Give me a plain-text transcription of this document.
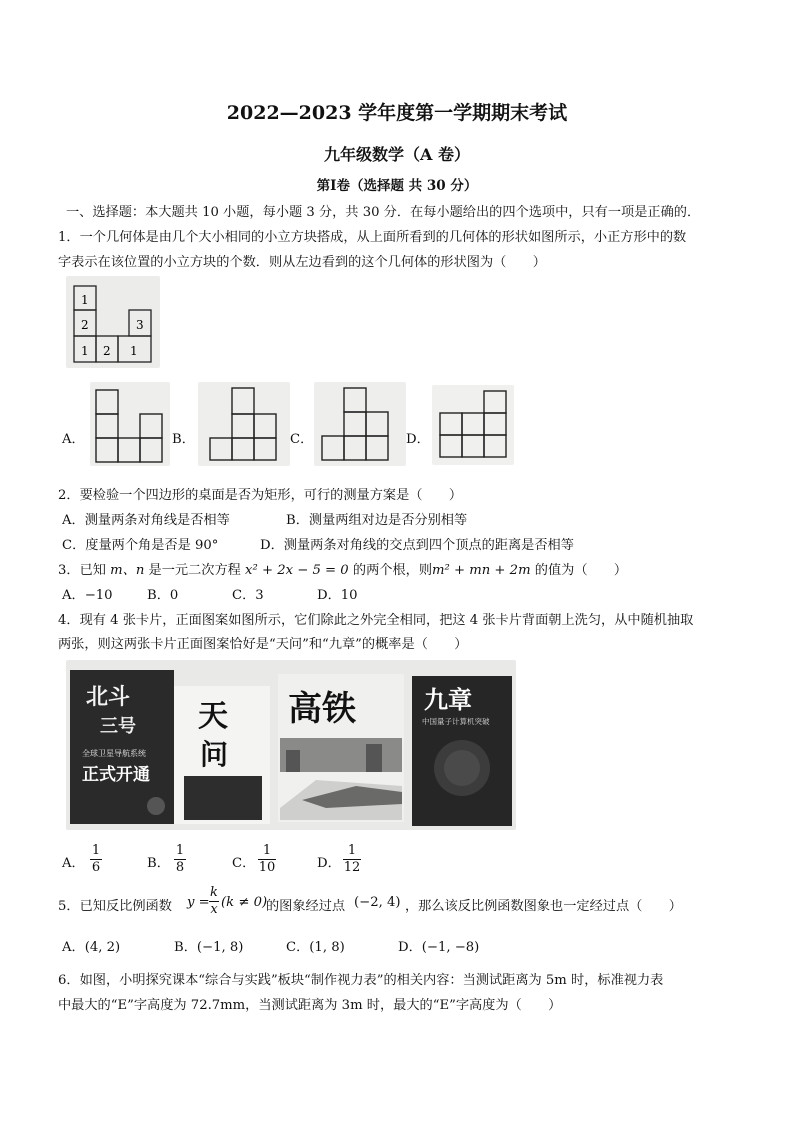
2022—2023 学年度第一学期期末考试
九年级数学（A 卷）
第Ⅰ卷（选择题 共 30 分）
一、选择题：本大题共 10 小题，每小题 3 分，共 30 分．在每小题给出的四个选项中，只有一项是正确的．
1．一个几何体是由几个大小相同的小立方块搭成，从上面所看到的几何体的形状如图所示，小正方形中的数
字表示在该位置的小立方块的个数．则从左边看到的这个几何体的形状图为（　　）
1
2	3
1 2 1
A．	B．	C．	D．
2．要检验一个四边形的桌面是否为矩形，可行的测量方案是（　　）
A．测量两条对角线是否相等	B．测量两组对边是否分别相等
C．度量两个角是否是 90°	D．测量两条对角线的交点到四个顶点的距离是否相等
3．已知 m、n 是一元二次方程 x² + 2x − 5 = 0 的两个根，则m² + mn + 2m 的值为（　　）
A．−10	B．0	C．3	D．10
4．现有 4 张卡片，正面图案如图所示，它们除此之外完全相同，把这 4 张卡片背面朝上洗匀，从中随机抽取
两张，则这两张卡片正面图案恰好是“天问”和“九章”的概率是（　　）
北斗
三号
全球卫星导航系统
正式开通
天
问
高铁	九章
中国量子计算机突破
A．
1
6	B．
1
8	C．
1
10	D．
1
12
5．已知反比例函数 y =
k
x (k ≠ 0)
的图象经过点 (−2, 4) ，那么该反比例函数图象也一定经过点（　　）
A．(4, 2)	B．(−1, 8)	C．(1, 8)	D．(−1, −8)
6．如图，小明探究课本“综合与实践”板块“制作视力表”的相关内容：当测试距离为 5m 时，标准视力表
中最大的“E”字高度为 72.7mm，当测试距离为 3m 时，最大的“E”字高度为（　　）
